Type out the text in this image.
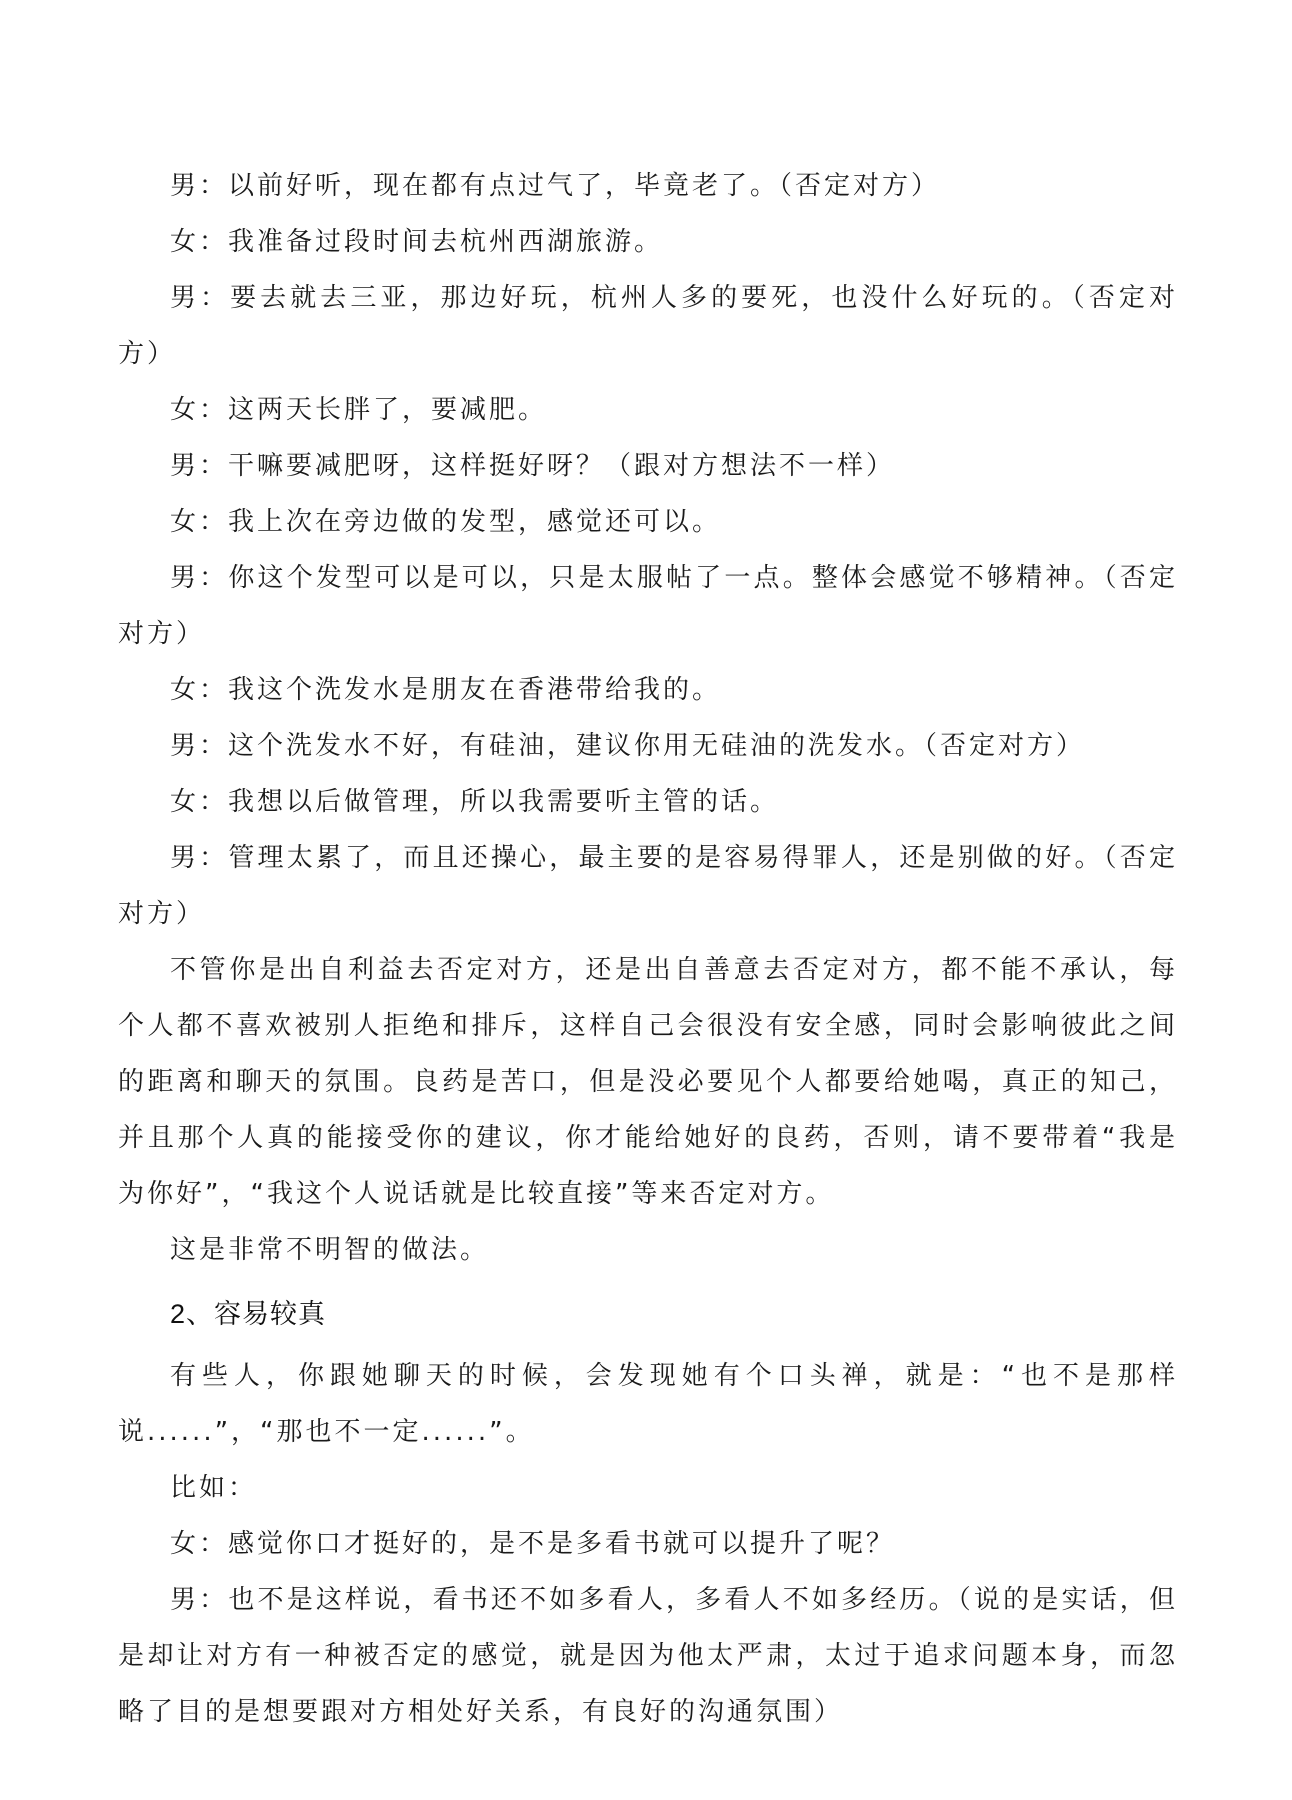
男：以前好听，现在都有点过气了，毕竟老了。（否定对方）

女：我准备过段时间去杭州西湖旅游。

男：要去就去三亚，那边好玩，杭州人多的要死，也没什么好玩的。（否定对方）

女：这两天长胖了，要减肥。

男：干嘛要减肥呀，这样挺好呀？（跟对方想法不一样）

女：我上次在旁边做的发型，感觉还可以。

男：你这个发型可以是可以，只是太服帖了一点。整体会感觉不够精神。（否定对方）

女：我这个洗发水是朋友在香港带给我的。

男：这个洗发水不好，有硅油，建议你用无硅油的洗发水。（否定对方）

女：我想以后做管理，所以我需要听主管的话。

男：管理太累了，而且还操心，最主要的是容易得罪人，还是别做的好。（否定对方）

不管你是出自利益去否定对方，还是出自善意去否定对方，都不能不承认，每个人都不喜欢被别人拒绝和排斥，这样自己会很没有安全感，同时会影响彼此之间的距离和聊天的氛围。良药是苦口，但是没必要见个人都要给她喝，真正的知己，并且那个人真的能接受你的建议，你才能给她好的良药，否则，请不要带着“我是为你好”，“我这个人说话就是比较直接”等来否定对方。

这是非常不明智的做法。

2、容易较真

有些人，你跟她聊天的时候，会发现她有个口头禅，就是：“也不是那样说......”，“那也不一定......”。

比如：

女：感觉你口才挺好的，是不是多看书就可以提升了呢？

男：也不是这样说，看书还不如多看人，多看人不如多经历。（说的是实话，但是却让对方有一种被否定的感觉，就是因为他太严肃，太过于追求问题本身，而忽略了目的是想要跟对方相处好关系，有良好的沟通氛围）
